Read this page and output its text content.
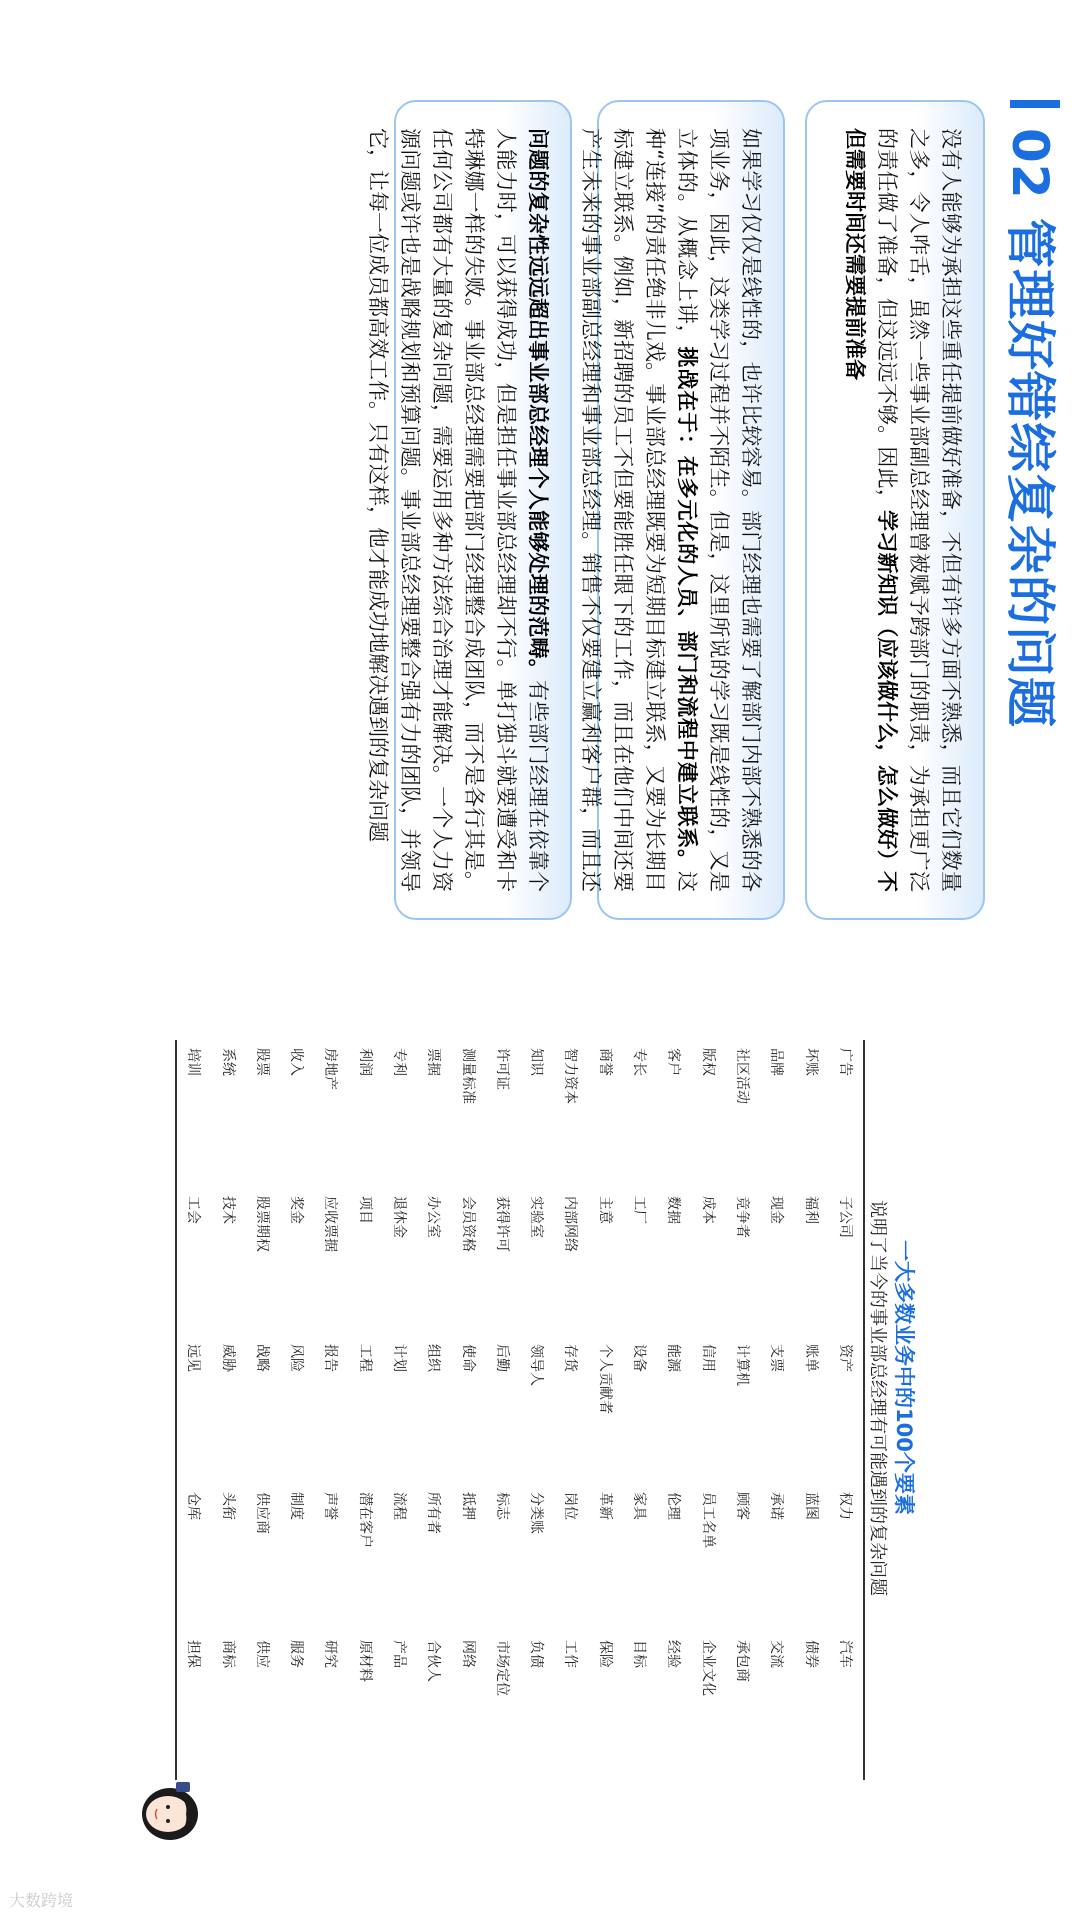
02 管理好错综复杂的问题

没有人能够为承担这些重任提前做好准备，不但有许多方面不熟悉，而且它们数量之多，令人咋舌，虽然一些事业部副总经理曾被赋予跨部门的职责，为承担更广泛的责任做了准备，但这远远不够。因此，学习新知识（应该做什么，怎么做好）不但需要时间还需要提前准备

如果学习仅仅是线性的，也许比较容易。部门经理也需要了解部门内部不熟悉的各项业务，因此，这类学习过程并不陌生。但是，这里所说的学习既是线性的，又是立体的。从概念上讲，挑战在于：在多元化的人员、部门和流程中建立联系。这种“连接”的责任绝非儿戏。事业部总经理既要为短期目标建立联系，又要为长期目标建立联系。例如，新招聘的员工不但要能胜任眼下的工作，而且在他们中间还要产生未来的事业部副总经理和事业部总经理。销售不仅要建立赢利客户群，而且还

问题的复杂性远远超出事业部总经理个人能够处理的范畴。有些部门经理在依靠个人能力时，可以获得成功，但是担任事业部总经理却不行。单打独斗就要遭受和卡特琳娜一样的失败。事业部总经理需要把部门经理整合成团队，而不是各行其是。任何公司都有大量的复杂问题，需要运用多种方法综合治理才能解决。一个人力资源问题或许也是战略规划和预算问题。事业部总经理要整合强有力的团队，并领导它，让每一位成员都高效工作。只有这样，他才能成功地解决遇到的复杂问题

一大多数业务中的100个要素
说明了当今的事业部总经理有可能遇到的复杂问题
广告
子公司
资产
权力
汽车
坏账
福利
账单
蓝图
债券
品牌
现金
支票
承诺
交流
社区活动
竞争者
计算机
顾客
承包商
版权
成本
信用
员工名单
企业文化
客户
数据
能源
伦理
经验
专长
工厂
设备
家具
目标
商誉
主意
个人贡献者
革新
保险
智力资本
内部网络
存货
岗位
工作
知识
实验室
领导人
分类账
负债
许可证
获得许可
后勤
标志
市场定位
测量标准
会员资格
使命
抵押
网络
票据
办公室
组织
所有者
合伙人
专利
退休金
计划
流程
产品
利润
项目
工程
潜在客户
原材料
房地产
应收票据
报告
声誉
研究
收入
奖金
风险
制度
服务
股票
股票期权
战略
供应商
供应
系统
技术
威胁
头衔
商标
培训
工会
远见
仓库
担保
大数跨境
